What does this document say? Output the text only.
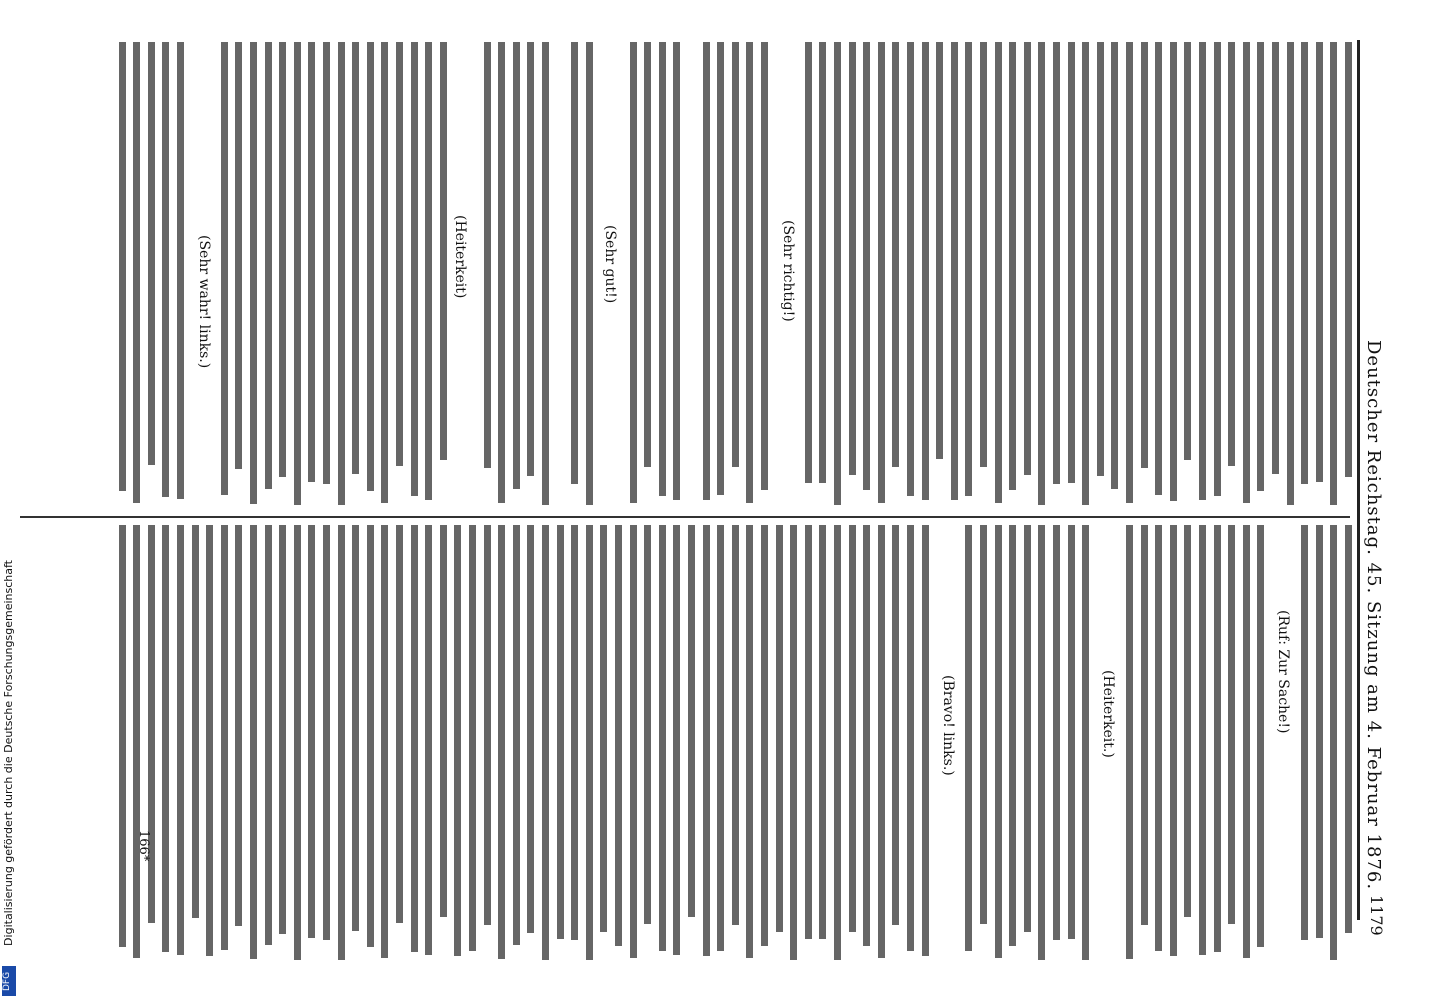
Deutscher Reichstag. 45. Sitzung am 4. Februar 1876.
1179
(Heiterkeit)	(Sehr richtig!)
(Sehr gut!)
(Sehr wahr! links.)
(Ruf: Zur Sache!)
(Heiterkeit.)
(Bravo! links.)
166*
Digitalisierung gefördert durch die Deutsche Forschungsgemeinschaft
DFG
